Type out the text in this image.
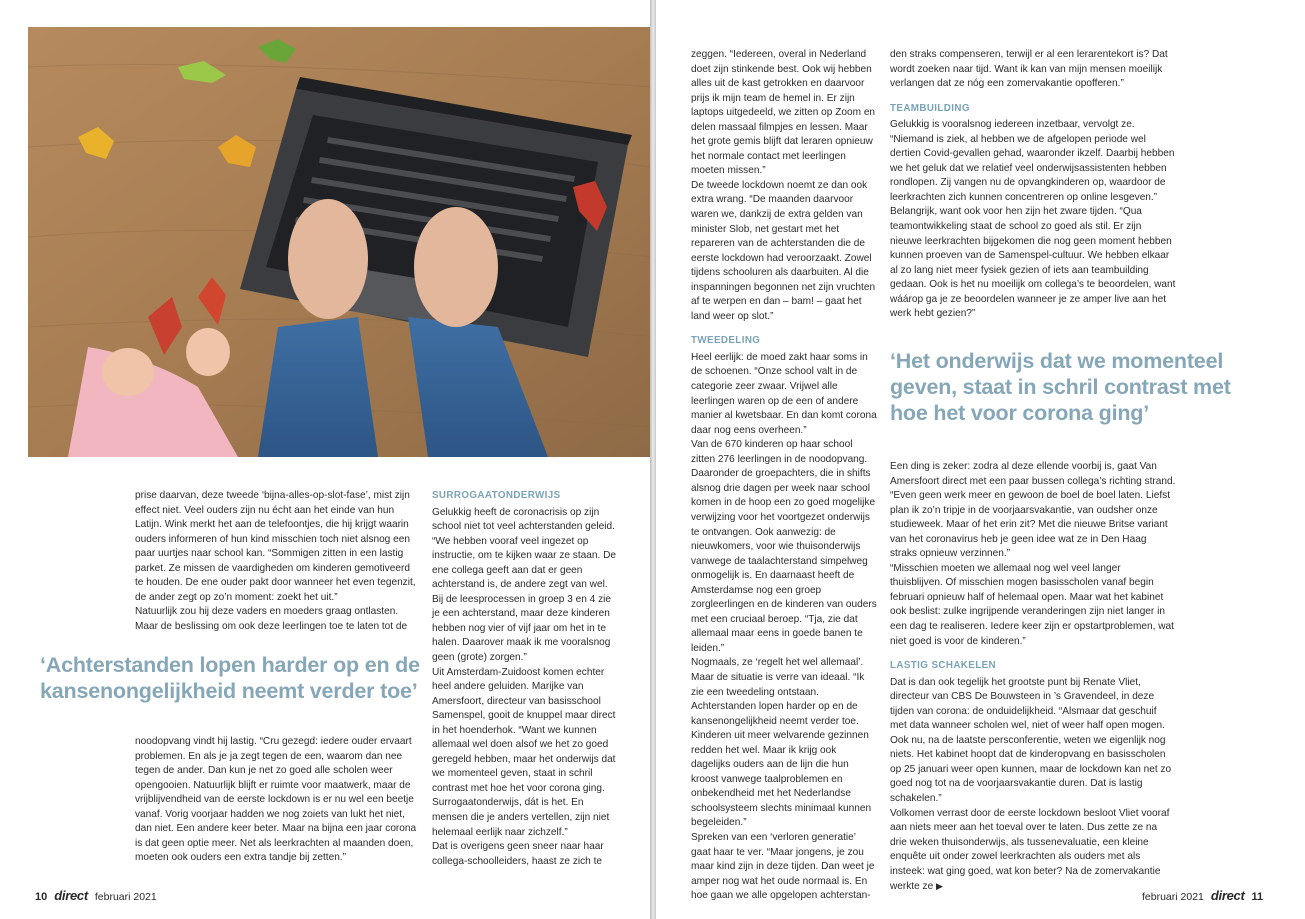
prise daarvan, deze tweede ‘bijna-alles-op-slot-fase’, mist zijn effect niet. Veel ouders zijn nu écht aan het einde van hun Latijn. Wink merkt het aan de telefoontjes, die hij krijgt waarin ouders informeren of hun kind misschien toch niet alsnog een paar uurtjes naar school kan. “Sommigen zitten in een lastig parket. Ze missen de vaardigheden om kinderen gemotiveerd te houden. De ene ouder pakt door wanneer het even tegenzit, de ander zegt op zo’n moment: zoekt het uit.”

Natuurlijk zou hij deze vaders en moeders graag ontlasten. Maar de beslissing om ook deze leerlingen toe te laten tot de

‘Achterstanden lopen harder op en de kansenongelijkheid neemt verder toe’

noodopvang vindt hij lastig. “Cru gezegd: iedere ouder ervaart problemen. En als je ja zegt tegen de een, waarom dan nee tegen de ander. Dan kun je net zo goed alle scholen weer opengooien. Natuurlijk blijft er ruimte voor maatwerk, maar de vrijblijvendheid van de eerste lockdown is er nu wel een beetje vanaf. Vorig voorjaar hadden we nog zoiets van lukt het niet, dan niet. Een andere keer beter. Maar na bijna een jaar corona is dat geen optie meer. Net als leerkrachten al maanden doen, moeten ook ouders een extra tandje bij zetten.”

SURROGAATONDERWIJS

Gelukkig heeft de coronacrisis op zijn school niet tot veel achterstanden geleid. “We hebben vooraf veel ingezet op instructie, om te kijken waar ze staan. De ene collega geeft aan dat er geen achterstand is, de andere zegt van wel. Bij de leesprocessen in groep 3 en 4 zie je een achterstand, maar deze kinderen hebben nog vier of vijf jaar om het in te halen. Daarover maak ik me vooralsnog geen (grote) zorgen.”

Uit Amsterdam-Zuidoost komen echter heel andere geluiden. Marijke van Amersfoort, directeur van basisschool Samenspel, gooit de knuppel maar direct in het hoenderhok. “Want we kunnen allemaal wel doen alsof we het zo goed geregeld hebben, maar het onderwijs dat we momenteel geven, staat in schril contrast met hoe het voor corona ging. Surrogaatonderwijs, dát is het. En mensen die je anders vertellen, zijn niet helemaal eerlijk naar zichzelf.”

Dat is overigens geen sneer naar haar collega-schoolleiders, haast ze zich te

10 direct februari 2021

zeggen. “Iedereen, overal in Nederland doet zijn stinkende best. Ook wij hebben alles uit de kast getrokken en daarvoor prijs ik mijn team de hemel in. Er zijn laptops uitgedeeld, we zitten op Zoom en delen massaal filmpjes en lessen. Maar het grote gemis blijft dat leraren opnieuw het normale contact met leerlingen moeten missen.”

De tweede lockdown noemt ze dan ook extra wrang. “De maanden daarvoor waren we, dankzij de extra gelden van minister Slob, net gestart met het repareren van de achterstanden die de eerste lockdown had veroorzaakt. Zowel tijdens schooluren als daarbuiten. Al die inspanningen begonnen net zijn vruchten af te werpen en dan – bam! – gaat het land weer op slot.”

TWEEDELING

Heel eerlijk: de moed zakt haar soms in de schoenen. “Onze school valt in de categorie zeer zwaar. Vrijwel alle leerlingen waren op de een of andere manier al kwetsbaar. En dan komt corona daar nog eens overheen.”

Van de 670 kinderen op haar school zitten 276 leerlingen in de noodopvang. Daaronder de groepachters, die in shifts alsnog drie dagen per week naar school komen in de hoop een zo goed mogelijke verwijzing voor het voortgezet onderwijs te ontvangen. Ook aanwezig: de nieuwkomers, voor wie thuisonderwijs vanwege de taalachterstand simpelweg onmogelijk is. En daarnaast heeft de Amsterdamse nog een groep zorgleerlingen en de kinderen van ouders met een cruciaal beroep. “Tja, zie dat allemaal maar eens in goede banen te leiden.”

Nogmaals, ze ‘regelt het wel allemaal’. Maar de situatie is verre van ideaal. “Ik zie een tweedeling ontstaan. Achterstanden lopen harder op en de kansenongelijkheid neemt verder toe. Kinderen uit meer welvarende gezinnen redden het wel. Maar ik krijg ook dagelijks ouders aan de lijn die hun kroost vanwege taalproblemen en onbekendheid met het Nederlandse schoolsysteem slechts minimaal kunnen begeleiden.”

Spreken van een ‘verloren generatie’ gaat haar te ver. “Maar jongens, je zou maar kind zijn in deze tijden. Dan weet je amper nog wat het oude normaal is. En hoe gaan we alle opgelopen achterstan-

den straks compenseren, terwijl er al een lerarentekort is? Dat wordt zoeken naar tijd. Want ik kan van mijn mensen moeilijk verlangen dat ze nóg een zomervakantie opofferen.”

TEAMBUILDING

Gelukkig is vooralsnog iedereen inzetbaar, vervolgt ze. “Niemand is ziek, al hebben we de afgelopen periode wel dertien Covid-gevallen gehad, waaronder ikzelf. Daarbij hebben we het geluk dat we relatief veel onderwijsassistenten hebben rondlopen. Zij vangen nu de opvangkinderen op, waardoor de leerkrachten zich kunnen concentreren op online lesgeven.”

Belangrijk, want ook voor hen zijn het zware tijden. “Qua teamontwikkeling staat de school zo goed als stil. Er zijn nieuwe leerkrachten bijgekomen die nog geen moment hebben kunnen proeven van de Samenspel-cultuur. We hebben elkaar al zo lang niet meer fysiek gezien of iets aan teambuilding gedaan. Ook is het nu moeilijk om collega’s te beoordelen, want wáárop ga je ze beoordelen wanneer je ze amper live aan het werk hebt gezien?”

‘Het onderwijs dat we momenteel geven, staat in schril contrast met hoe het voor corona ging’

Een ding is zeker: zodra al deze ellende voorbij is, gaat Van Amersfoort direct met een paar bussen collega’s richting strand. “Even geen werk meer en gewoon de boel de boel laten. Liefst plan ik zo’n tripje in de voorjaarsvakantie, van oudsher onze studieweek. Maar of het erin zit? Met die nieuwe Britse variant van het coronavirus heb je geen idee wat ze in Den Haag straks opnieuw verzinnen.”

“Misschien moeten we allemaal nog wel veel langer thuisblijven. Of misschien mogen basisscholen vanaf begin februari opnieuw half of helemaal open. Maar wat het kabinet ook beslist: zulke ingrijpende veranderingen zijn niet langer in een dag te realiseren. Iedere keer zijn er opstartproblemen, wat niet goed is voor de kinderen.”

LASTIG SCHAKELEN

Dat is dan ook tegelijk het grootste punt bij Renate Vliet, directeur van CBS De Bouwsteen in ’s Gravendeel, in deze tijden van corona: de onduidelijkheid. “Alsmaar dat geschuif met data wanneer scholen wel, niet of weer half open mogen. Ook nu, na de laatste persconferentie, weten we eigenlijk nog niets. Het kabinet hoopt dat de kinderopvang en basisscholen op 25 januari weer open kunnen, maar de lockdown kan net zo goed nog tot na de voorjaarsvakantie duren. Dat is lastig schakelen.”

Volkomen verrast door de eerste lockdown besloot Vliet vooraf aan niets meer aan het toeval over te laten. Dus zette ze na drie weken thuisonderwijs, als tussenevaluatie, een kleine enquête uit onder zowel leerkrachten als ouders met als insteek: wat ging goed, wat kon beter? Na de zomervakantie werkte ze ▶

februari 2021 direct 11
